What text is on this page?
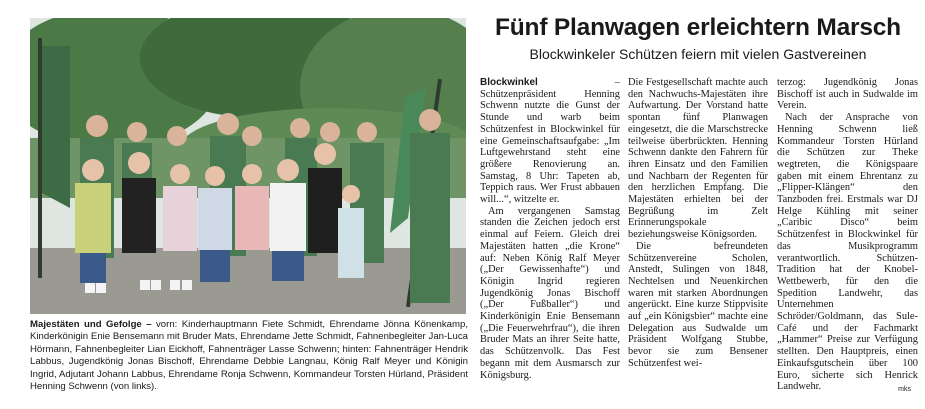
Majestäten und Gefolge – vorn: Kinderhauptmann Fiete Schmidt, Ehrendame Jönna Könenkamp, Kinderkönigin Enie Bensemann mit Bruder Mats, Ehrendame Jette Schmidt, Fahnenbegleiter Jan-Luca Hörmann, Fahnenbegleiter Lian Eickhoff, Fahnenträger Lasse Schwenn; hinten: Fahnenträger Hendrik Labbus, Jugendkönig Jonas Bischoff, Ehrendame Debbie Langnau, König Ralf Meyer und Königin Ingrid, Adjutant Johann Labbus, Ehrendame Ronja Schwenn, Kommandeur Torsten Hürland, Präsident Henning Schwenn (von links).
Fünf Planwagen erleichtern Marsch
Blockwinkeler Schützen feiern mit vielen Gastvereinen

Blockwinkel	– Schützenpräsident Henning Schwenn nutzte die Gunst der Stunde und warb beim Schützenfest in Blockwinkel für eine Gemeinschaftsaufgabe: „Im Luftgewehrstand steht eine größere Renovierung an. Samstag, 8 Uhr: Tapeten ab, Teppich raus. Wer Frust abbauen will...“, witzelte er.

Am vergangenen Samstag standen die Zeichen jedoch erst einmal auf Feiern. Gleich drei Majestäten hatten „die Krone“ auf: Neben König Ralf Meyer („Der Gewissenhafte“) und Königin Ingrid regieren Jugendkönig Jonas Bischoff („Der Fußballer“) und Kinderkönigin Enie Bensemann („Die Feuerwehrfrau“), die ihren Bruder Mats an ihrer Seite hatte, das Schützenvolk. Das Fest begann mit dem Ausmarsch zur Königsburg.

Die Festgesellschaft machte auch den Nachwuchs-Majestäten ihre Aufwartung. Der Vorstand hatte spontan fünf Planwagen eingesetzt, die die Marschstrecke teilweise überbrückten. Henning Schwenn dankte den Fahrern für ihren Einsatz und den Familien und Nachbarn der Regenten für den herzlichen Empfang. Die Majestäten erhielten bei der Begrüßung im Zelt Erinnerungspokale beziehungsweise Königsorden.

Die befreundeten Schützenvereine Scholen, Anstedt, Sulingen von 1848, Nechtelsen und Neuenkirchen waren mit starken Abordnungen angerückt. Eine kurze Stippvisite auf „ein Königsbier“ machte eine Delegation aus Sudwalde um Präsident Wolfgang Stubbe, bevor sie zum Bensener Schützenfest wei-

terzog: Jugendkönig Jonas Bischoff ist auch in Sudwalde im Verein.

Nach der Ansprache von Henning Schwenn ließ Kommandeur Torsten Hürland die Schützen zur Theke wegtreten, die Königspaare gaben mit einem Ehrentanz zu „Flipper-Klängen“ den Tanzboden frei. Erstmals war DJ Helge Kühling mit seiner „Caribic Disco“ beim Schützenfest in Blockwinkel für das Musikprogramm verantwortlich. Schützen-Tradition hat der Knobel-Wettbewerb, für den die Spedition Landwehr, das Unternehmen Schröder/Goldmann, das Sule-Café und der Fachmarkt „Hammer“ Preise zur Verfügung stellten. Den Hauptpreis, einen Einkaufsgutschein über 100 Euro, sicherte sich Henrick Landwehr.	mks
